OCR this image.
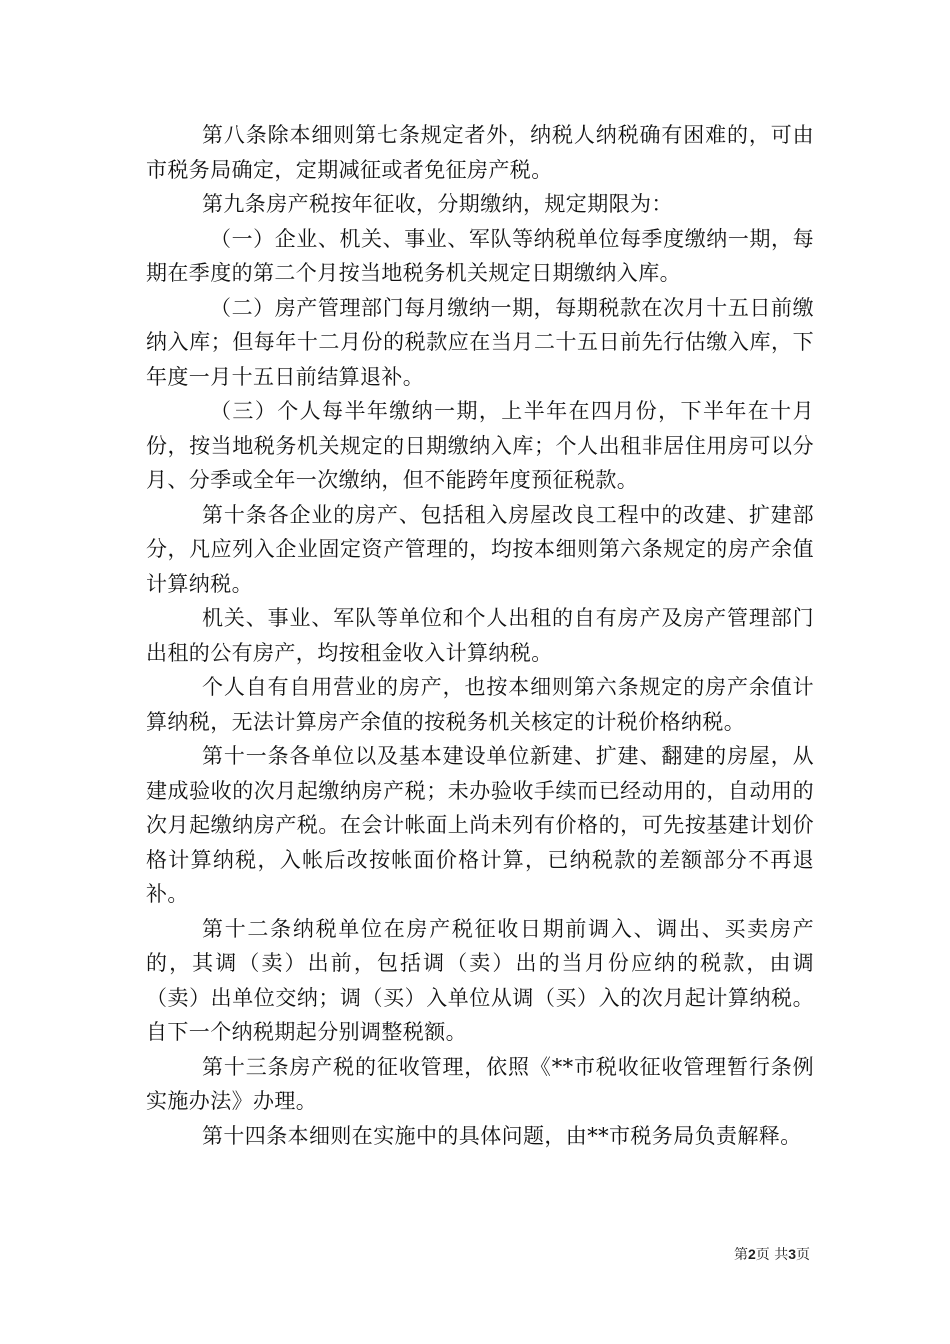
第八条除本细则第七条规定者外，纳税人纳税确有困难的，可由市税务局确定，定期减征或者免征房产税。

第九条房产税按年征收，分期缴纳，规定期限为：

（一）企业、机关、事业、军队等纳税单位每季度缴纳一期，每期在季度的第二个月按当地税务机关规定日期缴纳入库。

（二）房产管理部门每月缴纳一期，每期税款在次月十五日前缴纳入库；但每年十二月份的税款应在当月二十五日前先行估缴入库，下年度一月十五日前结算退补。

（三）个人每半年缴纳一期，上半年在四月份，下半年在十月份，按当地税务机关规定的日期缴纳入库；个人出租非居住用房可以分月、分季或全年一次缴纳，但不能跨年度预征税款。

第十条各企业的房产、包括租入房屋改良工程中的改建、扩建部分，凡应列入企业固定资产管理的，均按本细则第六条规定的房产余值计算纳税。

机关、事业、军队等单位和个人出租的自有房产及房产管理部门出租的公有房产，均按租金收入计算纳税。

个人自有自用营业的房产，也按本细则第六条规定的房产余值计算纳税，无法计算房产余值的按税务机关核定的计税价格纳税。

第十一条各单位以及基本建设单位新建、扩建、翻建的房屋，从建成验收的次月起缴纳房产税；未办验收手续而已经动用的，自动用的次月起缴纳房产税。在会计帐面上尚未列有价格的，可先按基建计划价格计算纳税，入帐后改按帐面价格计算，已纳税款的差额部分不再退补。

第十二条纳税单位在房产税征收日期前调入、调出、买卖房产的，其调（卖）出前，包括调（卖）出的当月份应纳的税款，由调（卖）出单位交纳；调（买）入单位从调（买）入的次月起计算纳税。自下一个纳税期起分别调整税额。

第十三条房产税的征收管理，依照《**市税收征收管理暂行条例实施办法》办理。

第十四条本细则在实施中的具体问题，由**市税务局负责解释。

第2页 共3页
